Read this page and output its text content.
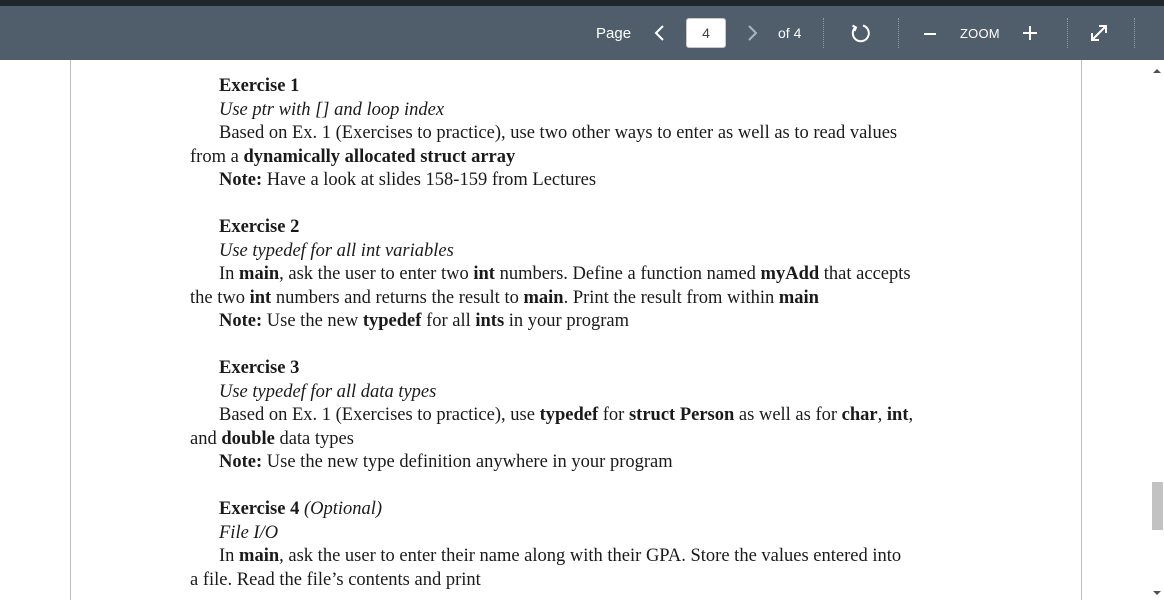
Page
4	of 4	ZOOM
Exercise 1
Use ptr with [] and loop index
Based on Ex. 1 (Exercises to practice), use two other ways to enter as well as to read values
from a dynamically allocated struct array
Note: Have a look at slides 158-159 from Lectures
Exercise 2
Use typedef for all int variables
In main, ask the user to enter two int numbers. Define a function named myAdd that accepts
the two int numbers and returns the result to main. Print the result from within main
Note: Use the new typedef for all ints in your program
Exercise 3
Use typedef for all data types
Based on Ex. 1 (Exercises to practice), use typedef for struct Person as well as for char, int,
and double data types
Note: Use the new type definition anywhere in your program
Exercise 4 (Optional)
File I/O
In main, ask the user to enter their name along with their GPA. Store the values entered into
a file. Read the file’s contents and print
